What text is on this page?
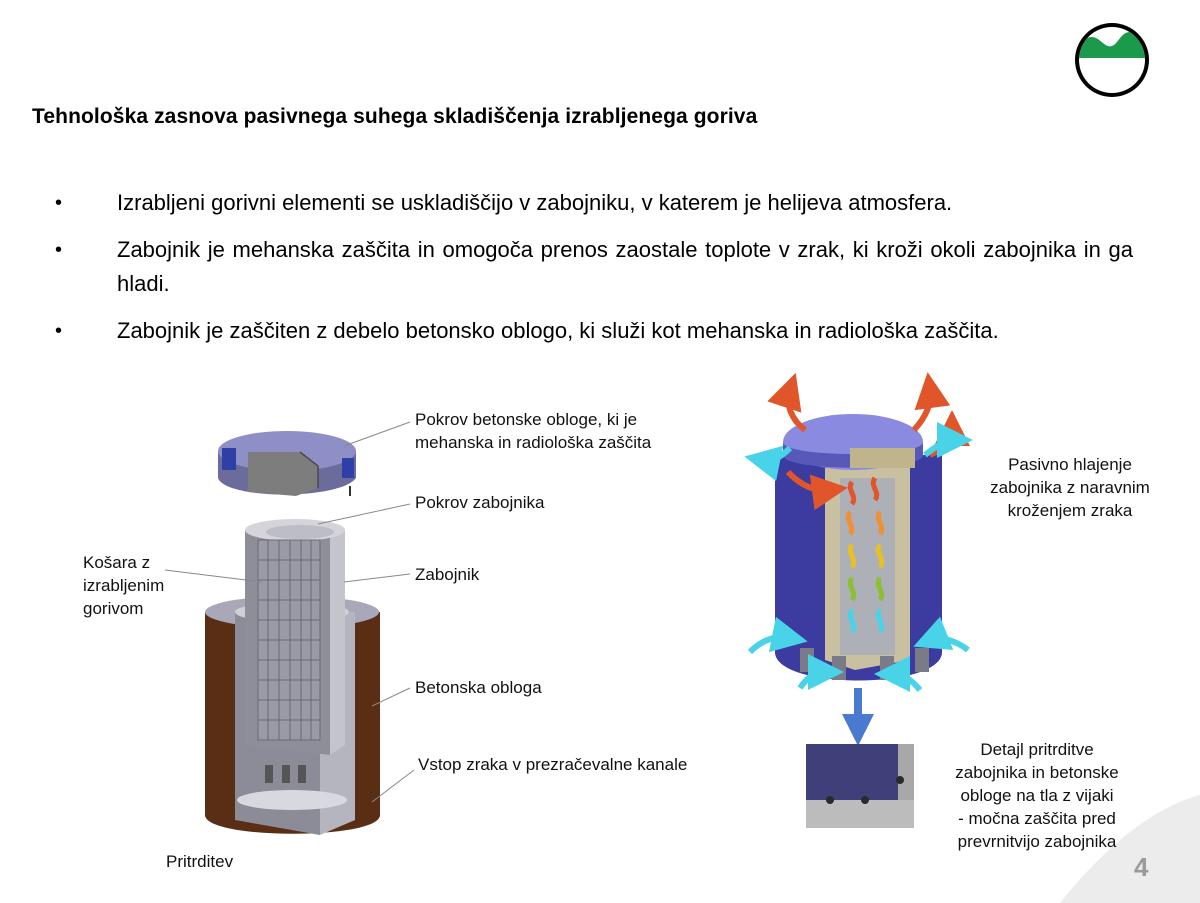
Tehnološka zasnova pasivnega suhega skladiščenja izrabljenega goriva
• Izrabljeni gorivni elementi se uskladiščijo v zabojniku, v katerem je helijeva atmosfera.
• Zabojnik je mehanska zaščita in omogoča prenos zaostale toplote v zrak, ki kroži okoli zabojnika in ga hladi.
• Zabojnik je zaščiten z debelo betonsko oblogo, ki služi kot mehanska in radiološka zaščita.
Pokrov betonske obloge, ki je
mehanska in radiološka zaščita
Pokrov zabojnika
Košara z
izrabljenim
gorivom
Zabojnik
Betonska obloga
Vstop zraka v prezračevalne kanale
Pritrditev
Pasivno hlajenje
zabojnika z naravnim
kroženjem zraka
Detajl pritrditve
zabojnika in betonske
obloge na tla z vijaki
- močna zaščita pred
prevrnitvijo zabojnika
4
